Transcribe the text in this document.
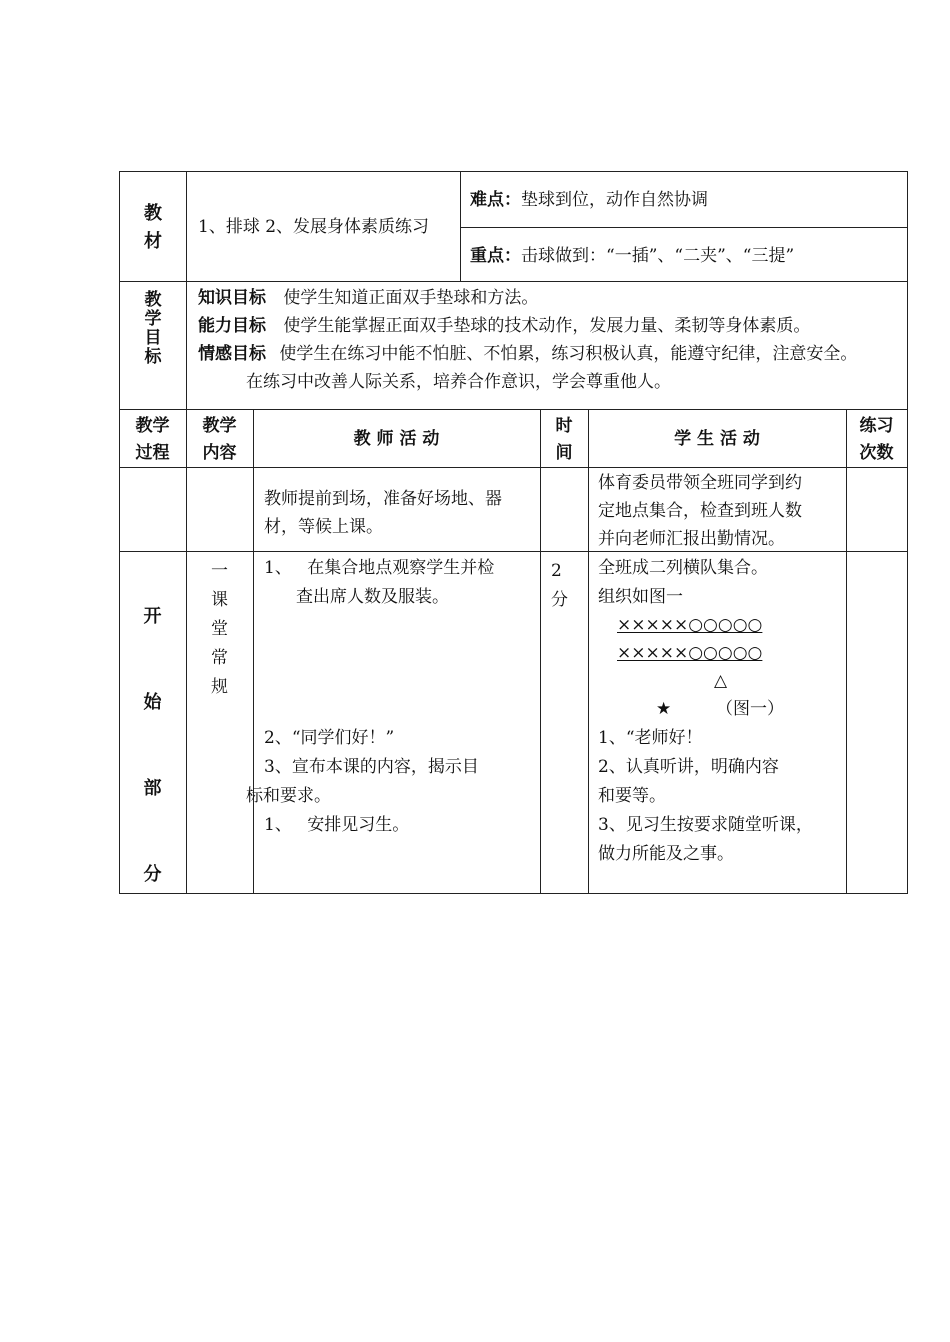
教
材
1、排球 2、发展身体素质练习
难点：垫球到位，动作自然协调
重点：击球做到：“一插”、“二夹”、“三提”
教
学
目
标
知识目标 使学生知道正面双手垫球和方法。
能力目标 使学生能掌握正面双手垫球的技术动作，发展力量、柔韧等身体素质。
情感目标 使学生在练习中能不怕脏、不怕累，练习积极认真，能遵守纪律，注意安全。
在练习中改善人际关系，培养合作意识，学会尊重他人。
教学
过程
教学
内容
教 师 活 动
时
间
学 生 活 动
练习
次数
教师提前到场，准备好场地、器
材，等候上课。
体育委员带领全班同学到约
定地点集合，检查到班人数
并向老师汇报出勤情况。
开
始
部
分
一
课
堂
常
规
1、 在集合地点观察学生并检
查出席人数及服装。
2、“同学们好！”
3、宣布本课的内容，揭示目
标和要求。
1、 安排见习生。
2
分
全班成二列横队集合。
组织如图一
×××××○○○○○
×××××○○○○○
△
★	（图一）
1、“老师好！
2、认真听讲，明确内容
和要等。
3、见习生按要求随堂听课，
做力所能及之事。
